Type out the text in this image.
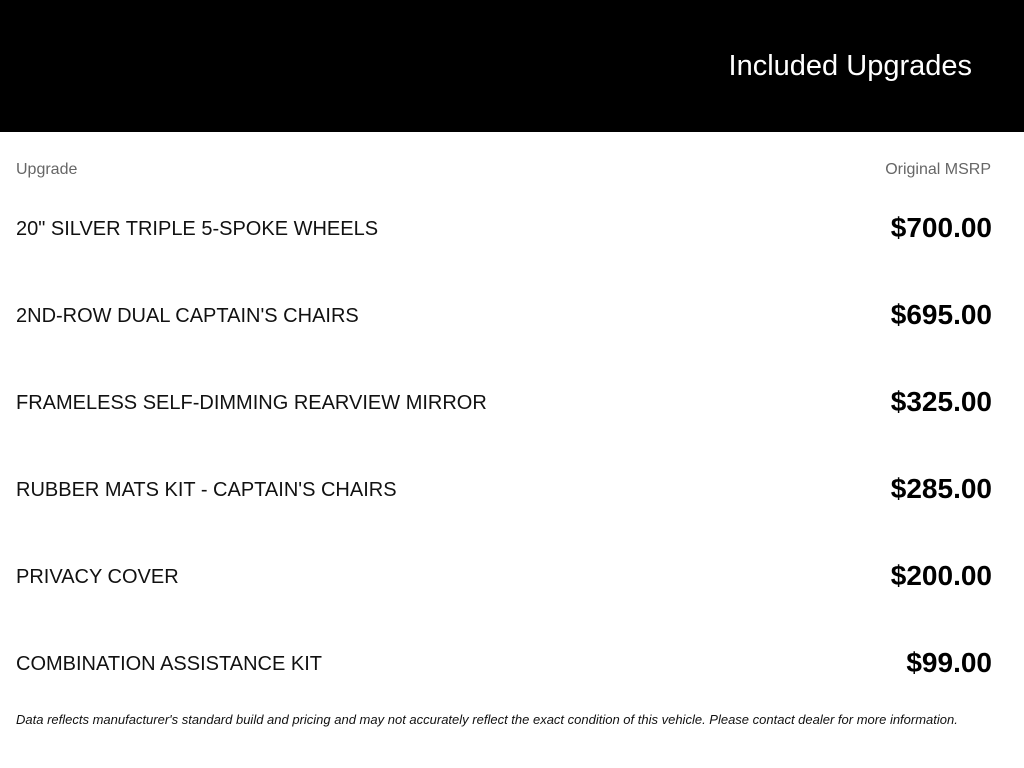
Included Upgrades
Upgrade	Original MSRP
20" SILVER TRIPLE 5-SPOKE WHEELS	$700.00
2ND-ROW DUAL CAPTAIN'S CHAIRS	$695.00
FRAMELESS SELF-DIMMING REARVIEW MIRROR	$325.00
RUBBER MATS KIT - CAPTAIN'S CHAIRS	$285.00
PRIVACY COVER	$200.00
COMBINATION ASSISTANCE KIT	$99.00
Data reflects manufacturer's standard build and pricing and may not accurately reflect the exact condition of this vehicle. Please contact dealer for more information.
